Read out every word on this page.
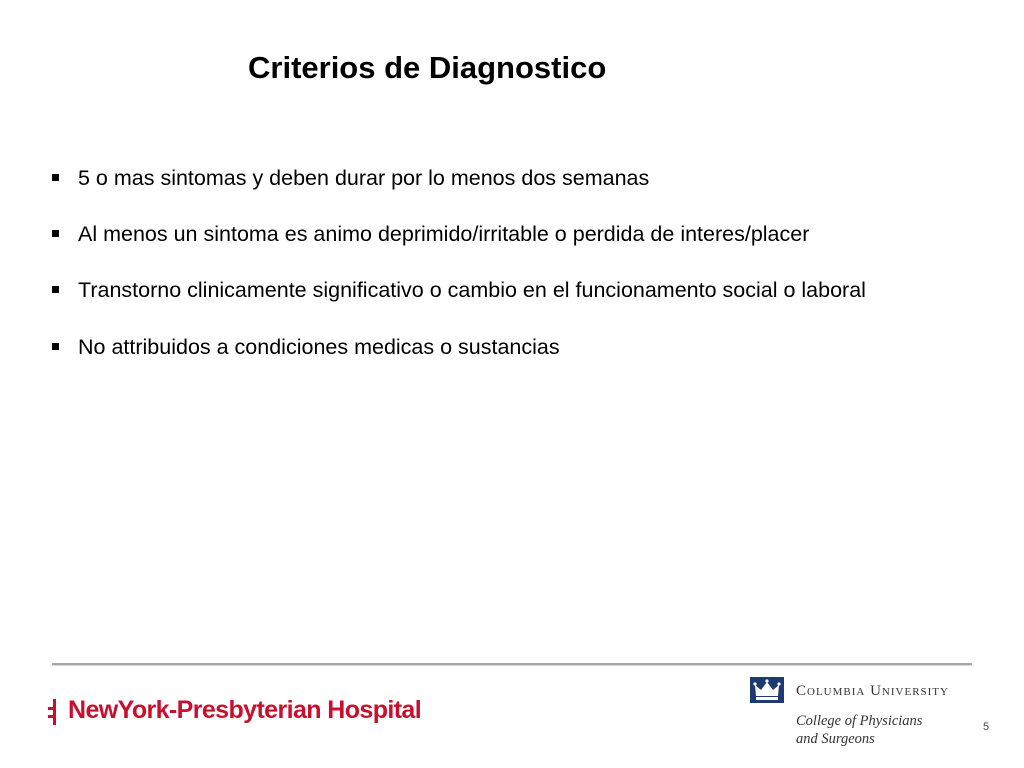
Criterios de Diagnostico
5 o mas sintomas y deben durar por lo menos dos semanas
Al menos un sintoma es animo deprimido/irritable o perdida de interes/placer
Transtorno clinicamente significativo o cambio en el funcionamento social o laboral
No attribuidos a condiciones medicas o sustancias
NewYork-Presbyterian Hospital
Columbia University
College of Physicians
and Surgeons
5
